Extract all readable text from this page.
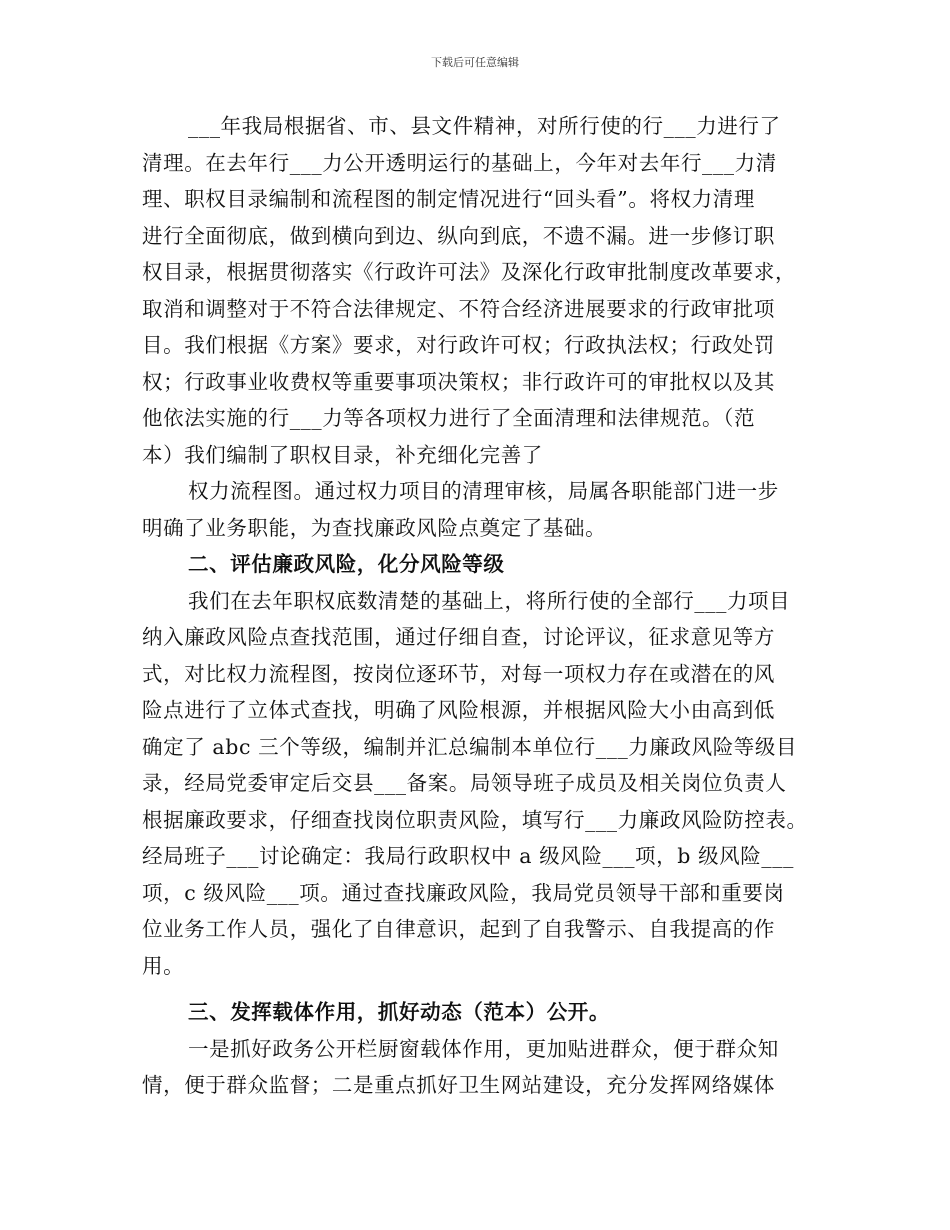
下载后可任意编辑
___年我局根据省、市、县文件精神，对所行使的行___力进行了
清理。在去年行___力公开透明运行的基础上，今年对去年行___力清
理、职权目录编制和流程图的制定情况进行“回头看”。将权力清理
进行全面彻底，做到横向到边、纵向到底，不遗不漏。进一步修订职
权目录，根据贯彻落实《行政许可法》及深化行政审批制度改革要求，
取消和调整对于不符合法律规定、不符合经济进展要求的行政审批项
目。我们根据《方案》要求，对行政许可权；行政执法权；行政处罚
权；行政事业收费权等重要事项决策权；非行政许可的审批权以及其
他依法实施的行___力等各项权力进行了全面清理和法律规范。（范
本）我们编制了职权目录，补充细化完善了
权力流程图。通过权力项目的清理审核，局属各职能部门进一步
明确了业务职能，为查找廉政风险点奠定了基础。
二、评估廉政风险，化分风险等级
我们在去年职权底数清楚的基础上，将所行使的全部行___力项目
纳入廉政风险点查找范围，通过仔细自查，讨论评议，征求意见等方
式，对比权力流程图，按岗位逐环节，对每一项权力存在或潜在的风
险点进行了立体式查找，明确了风险根源，并根据风险大小由高到低
确定了 abc 三个等级，编制并汇总编制本单位行___力廉政风险等级目
录，经局党委审定后交县___备案。局领导班子成员及相关岗位负责人
根据廉政要求，仔细查找岗位职责风险，填写行___力廉政风险防控表。
经局班子___讨论确定：我局行政职权中 a 级风险___项，b 级风险___
项，c 级风险___项。通过查找廉政风险，我局党员领导干部和重要岗
位业务工作人员，强化了自律意识，起到了自我警示、自我提高的作
用。
三、发挥载体作用，抓好动态（范本）公开。
一是抓好政务公开栏厨窗载体作用，更加贴进群众，便于群众知
情，便于群众监督；二是重点抓好卫生网站建设，充分发挥网络媒体
